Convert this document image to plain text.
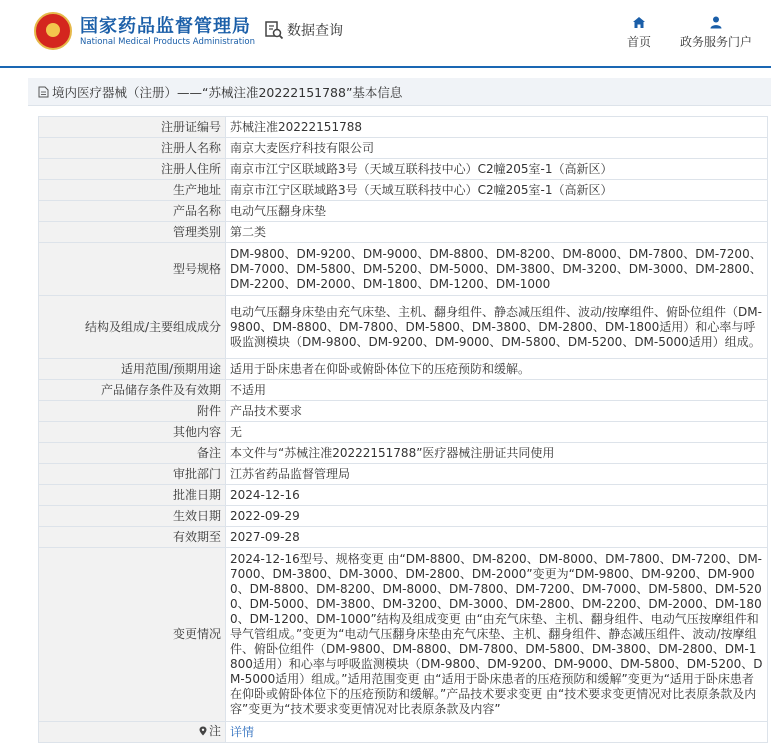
国家药品监督管理局
National Medical Products Administration
数据查询
首页 政务服务门户
境内医疗器械（注册）——“苏械注准20222151788”基本信息
注册证编号	苏械注准20222151788
注册人名称	南京大麦医疗科技有限公司
注册人住所	南京市江宁区联域路3号（天域互联科技中心）C2幢205室-1（高新区）
生产地址	南京市江宁区联域路3号（天域互联科技中心）C2幢205室-1（高新区）
产品名称	电动气压翻身床垫
管理类别	第二类
型号规格	DM-9800、DM-9200、DM-9000、DM-8800、DM-8200、DM-8000、DM-7800、DM-7200、DM-7000、DM-5800、DM-5200、DM-5000、DM-3800、DM-3200、DM-3000、DM-2800、DM-2200、DM-2000、DM-1800、DM-1200、DM-1000
结构及组成/主要组成成分	电动气压翻身床垫由充气床垫、主机、翻身组件、静态减压组件、波动/按摩组件、俯卧位组件（DM-9800、DM-8800、DM-7800、DM-5800、DM-3800、DM-2800、DM-1800适用）和心率与呼吸监测模块（DM-9800、DM-9200、DM-9000、DM-5800、DM-5200、DM-5000适用）组成。
适用范围/预期用途	适用于卧床患者在仰卧或俯卧体位下的压疮预防和缓解。
产品储存条件及有效期	不适用
附件	产品技术要求
其他内容	无
备注	本文件与“苏械注准20222151788”医疗器械注册证共同使用
审批部门	江苏省药品监督管理局
批准日期	2024-12-16
生效日期	2022-09-29
有效期至	2027-09-28
变更情况	2024-12-16型号、规格变更 由“DM-8800、DM-8200、DM-8000、DM-7800、DM-7200、DM-7000、DM-3800、DM-3000、DM-2800、DM-2000”变更为“DM-9800、DM-9200、DM-9000、DM-8800、DM-8200、DM-8000、DM-7800、DM-7200、DM-7000、DM-5800、DM-5200、DM-5000、DM-3800、DM-3200、DM-3000、DM-2800、DM-2200、DM-2000、DM-1800、DM-1200、DM-1000”结构及组成变更 由“由充气床垫、主机、翻身组件、电动气压按摩组件和导气管组成。”变更为“电动气压翻身床垫由充气床垫、主机、翻身组件、静态减压组件、波动/按摩组件、俯卧位组件（DM-9800、DM-8800、DM-7800、DM-5800、DM-3800、DM-2800、DM-1800适用）和心率与呼吸监测模块（DM-9800、DM-9200、DM-9000、DM-5800、DM-5200、DM-5000适用）组成。”适用范围变更 由“适用于卧床患者的压疮预防和缓解”变更为“适用于卧床患者在仰卧或俯卧体位下的压疮预防和缓解。”产品技术要求变更 由“技术要求变更情况对比表原条款及内容”变更为“技术要求变更情况对比表原条款及内容”

注	详情
